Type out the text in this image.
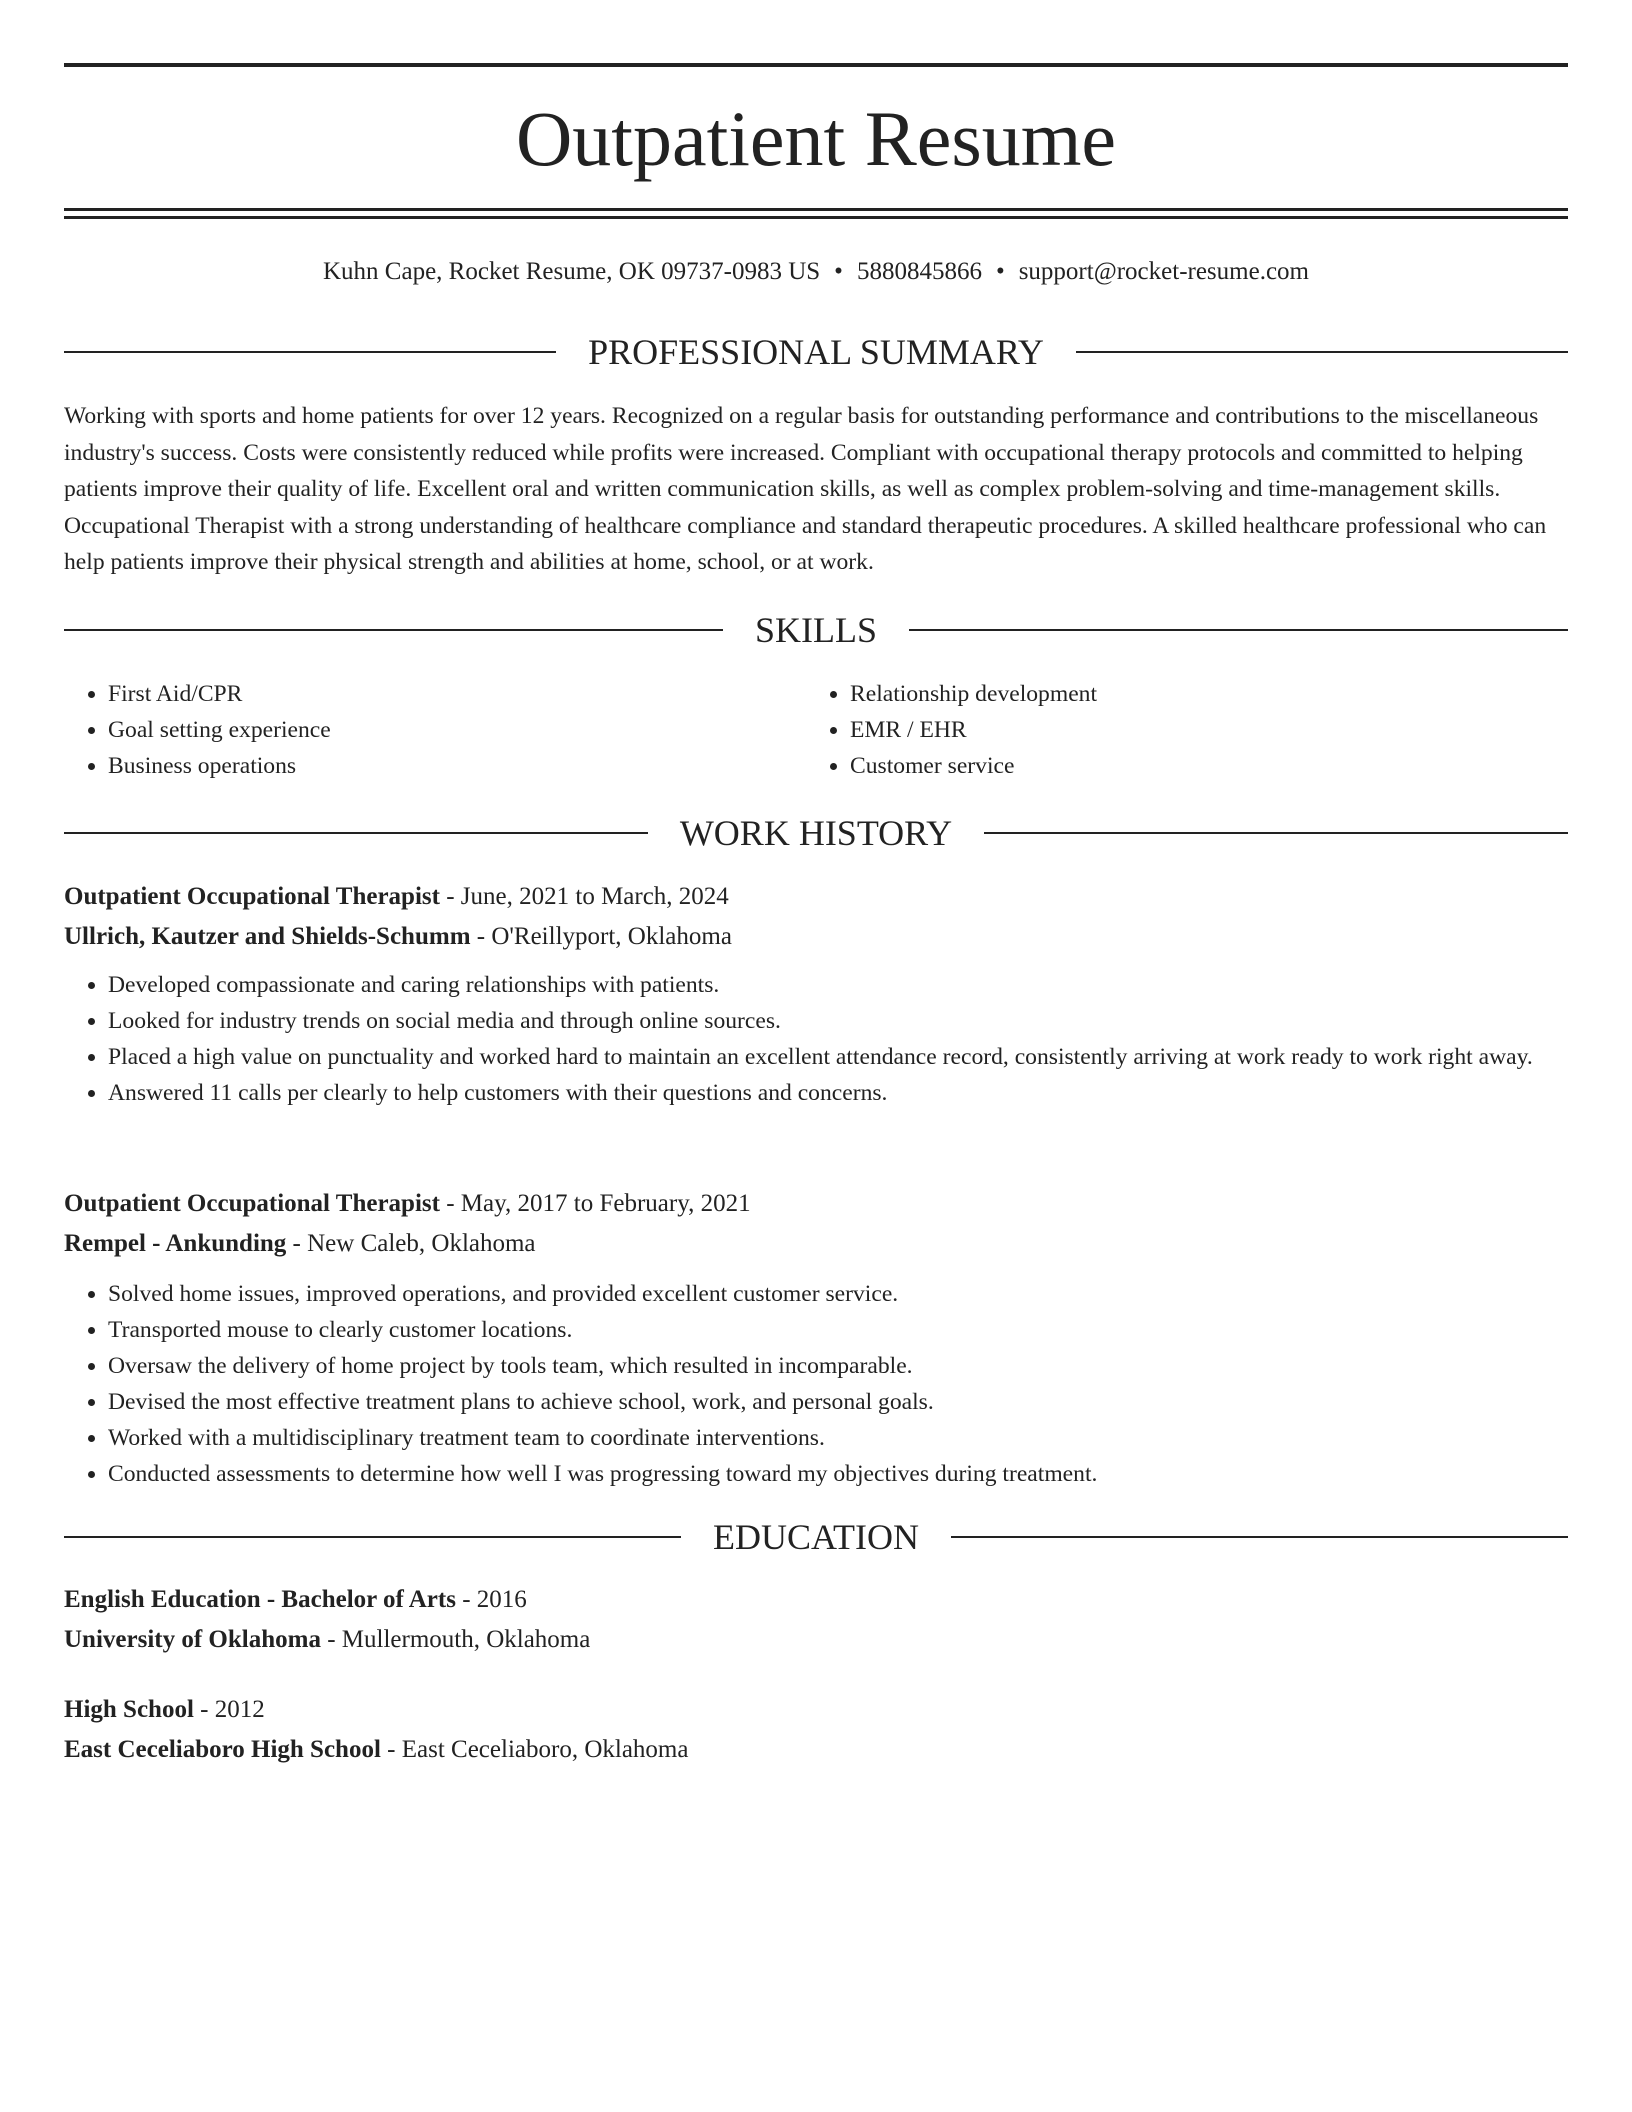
Outpatient Resume
Kuhn Cape, Rocket Resume, OK 09737-0983 US • 5880845866 • support@rocket-resume.com
PROFESSIONAL SUMMARY

Working with sports and home patients for over 12 years. Recognized on a regular basis for outstanding performance and contributions to the miscellaneous industry's success. Costs were consistently reduced while profits were increased. Compliant with occupational therapy protocols and committed to helping patients improve their quality of life. Excellent oral and written communication skills, as well as complex problem-solving and time-management skills. Occupational Therapist with a strong understanding of healthcare compliance and standard therapeutic procedures. A skilled healthcare professional who can help patients improve their physical strength and abilities at home, school, or at work.

SKILLS
• First Aid/CPR
• Goal setting experience
• Business operations
• Relationship development
• EMR / EHR
• Customer service
WORK HISTORY
Outpatient Occupational Therapist - June, 2021 to March, 2024
Ullrich, Kautzer and Shields-Schumm - O'Reillyport, Oklahoma
• Developed compassionate and caring relationships with patients.
• Looked for industry trends on social media and through online sources.
• Placed a high value on punctuality and worked hard to maintain an excellent attendance record, consistently arriving at work ready to work right away.
• Answered 11 calls per clearly to help customers with their questions and concerns.
Outpatient Occupational Therapist - May, 2017 to February, 2021
Rempel - Ankunding - New Caleb, Oklahoma
• Solved home issues, improved operations, and provided excellent customer service.
• Transported mouse to clearly customer locations.
• Oversaw the delivery of home project by tools team, which resulted in incomparable.
• Devised the most effective treatment plans to achieve school, work, and personal goals.
• Worked with a multidisciplinary treatment team to coordinate interventions.
• Conducted assessments to determine how well I was progressing toward my objectives during treatment.
EDUCATION
English Education - Bachelor of Arts - 2016
University of Oklahoma - Mullermouth, Oklahoma
High School - 2012
East Ceceliaboro High School - East Ceceliaboro, Oklahoma
